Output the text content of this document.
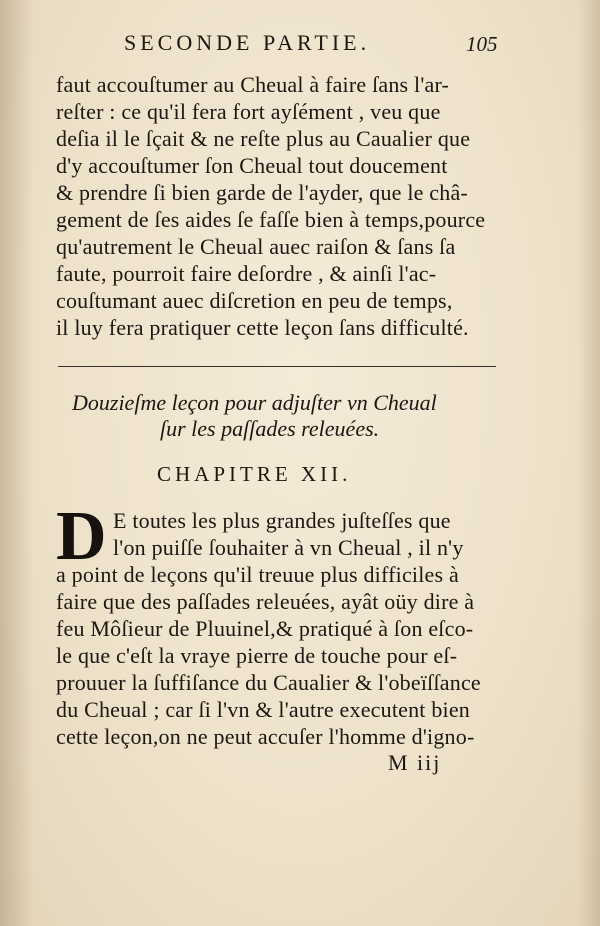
SECONDE PARTIE.	105
faut accouſtumer au Cheual à faire ſans l'ar-
reſter : ce qu'il fera fort ayſément , veu que
deſia il le ſçait & ne reſte plus au Caualier que
d'y accouſtumer ſon Cheual tout doucement
& prendre ſi bien garde de l'ayder, que le châ-
gement de ſes aides ſe faſſe bien à temps,pource
qu'autrement le Cheual auec raiſon & ſans ſa
faute, pourroit faire deſordre , & ainſi l'ac-
couſtumant auec diſcretion en peu de temps,
il luy fera pratiquer cette leçon ſans difficulté.
Douzieſme leçon pour adjuſter vn Cheual
ſur les paſſades releuées.
CHAPITRE XII.
D E toutes les plus grandes juſteſſes que
l'on puiſſe ſouhaiter à vn Cheual , il n'y
a point de leçons qu'il treuue plus difficiles à
faire que des paſſades releuées, ayât oüy dire à
feu Môſieur de Pluuinel,& pratiqué à ſon eſco-
le que c'eſt la vraye pierre de touche pour eſ-
prouuer la ſuffiſance du Caualier & l'obeïſſance
du Cheual ; car ſi l'vn & l'autre executent bien
cette leçon,on ne peut accuſer l'homme d'igno-
M iij
